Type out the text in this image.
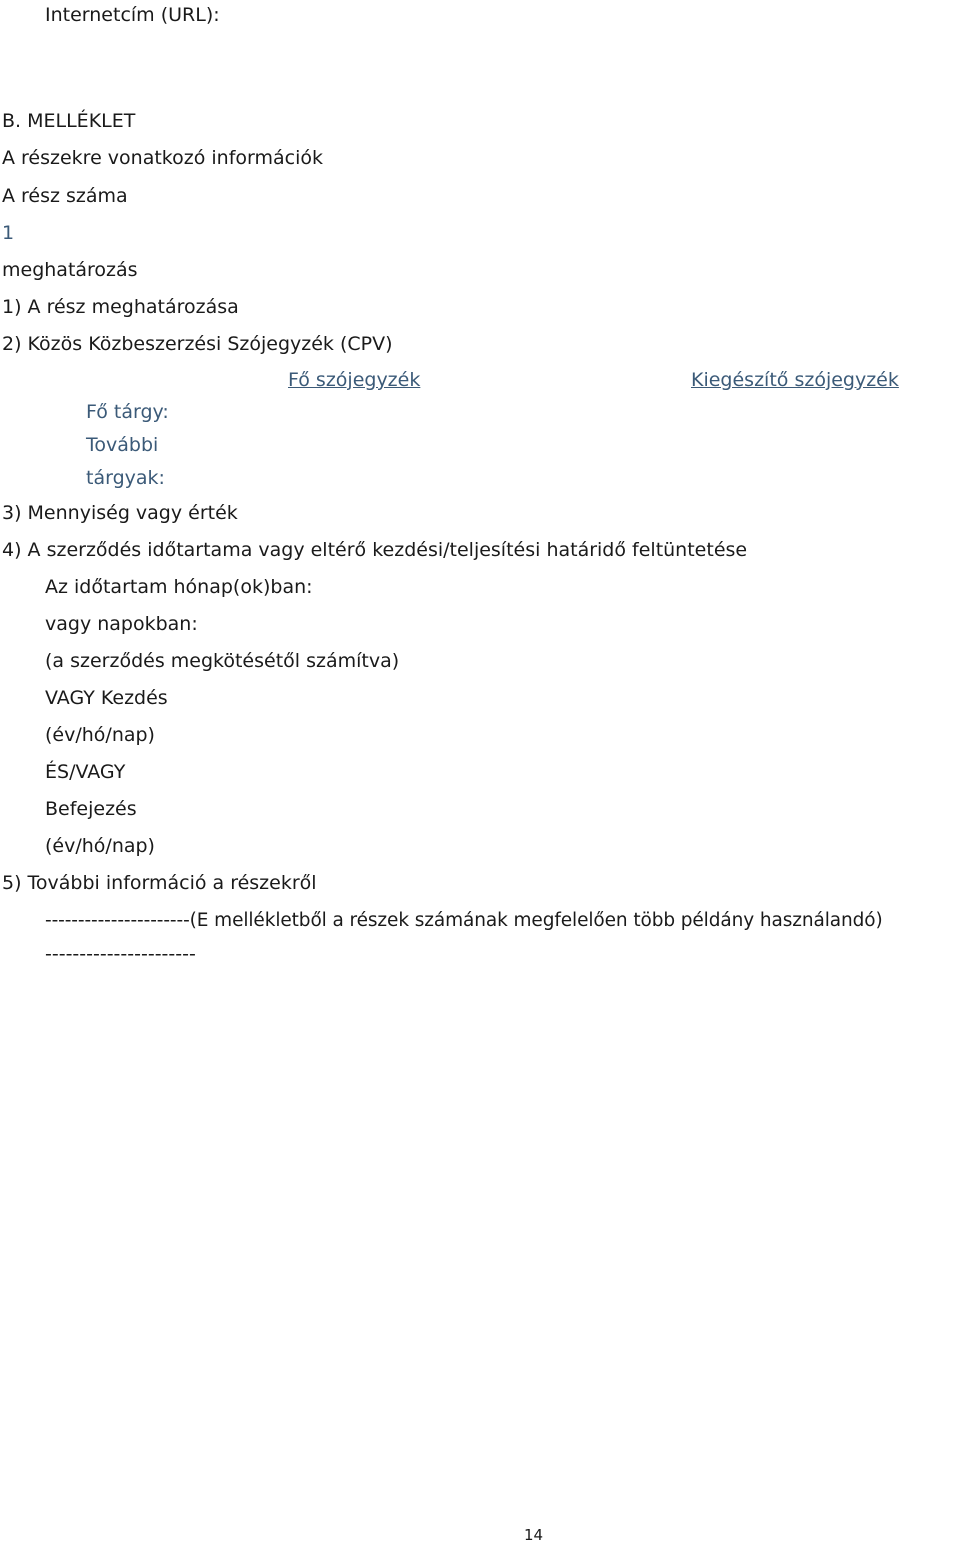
Internetcím (URL):
B. MELLÉKLET
A részekre vonatkozó információk
A rész száma
1
meghatározás
1) A rész meghatározása
2) Közös Közbeszerzési Szójegyzék (CPV)
Fő szójegyzék	Kiegészítő szójegyzék
Fő tárgy:
További
tárgyak:
3) Mennyiség vagy érték
4) A szerződés időtartama vagy eltérő kezdési/teljesítési határidő feltüntetése
Az időtartam hónap(ok)ban:
vagy napokban:
(a szerződés megkötésétől számítva)
VAGY Kezdés
(év/hó/nap)
ÉS/VAGY
Befejezés
(év/hó/nap)
5) További információ a részekről
----------------------(E mellékletből a részek számának megfelelően több példány használandó)
----------------------
14
